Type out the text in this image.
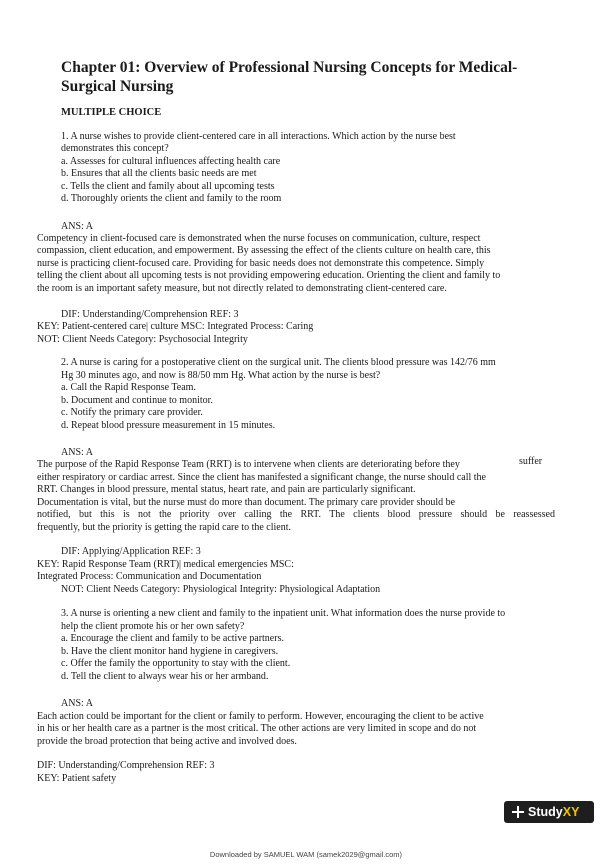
Chapter 01: Overview of Professional Nursing Concepts for Medical-
Surgical Nursing
MULTIPLE CHOICE
1. A nurse wishes to provide client-centered care in all interactions. Which action by the nurse best
demonstrates this concept?
a. Assesses for cultural influences affecting health care
b. Ensures that all the clients basic needs are met
c. Tells the client and family about all upcoming tests
d. Thoroughly orients the client and family to the room
ANS: A
Competency in client-focused care is demonstrated when the nurse focuses on communication, culture, respect
compassion, client education, and empowerment. By assessing the effect of the clients culture on health care, this
nurse is practicing client-focused care. Providing for basic needs does not demonstrate this competence. Simply
telling the client about all upcoming tests is not providing empowering education. Orienting the client and family to
the room is an important safety measure, but not directly related to demonstrating client-centered care.
DIF: Understanding/Comprehension REF: 3
KEY: Patient-centered care| culture MSC: Integrated Process: Caring
NOT: Client Needs Category: Psychosocial Integrity
2. A nurse is caring for a postoperative client on the surgical unit. The clients blood pressure was 142/76 mm
Hg 30 minutes ago, and now is 88/50 mm Hg. What action by the nurse is best?
a. Call the Rapid Response Team.
b. Document and continue to monitor.
c. Notify the primary care provider.
d. Repeat blood pressure measurement in 15 minutes.
ANS: A
The purpose of the Rapid Response Team (RRT) is to intervene when clients are deteriorating before they	suffer
either respiratory or cardiac arrest. Since the client has manifested a significant change, the nurse should call the
RRT. Changes in blood pressure, mental status, heart rate, and pain are particularly significant.
Documentation is vital, but the nurse must do more than document. The primary care provider should be
notified, but this is not the priority over calling the RRT. The clients blood pressure should be reassessed
frequently, but the priority is getting the rapid care to the client.
DIF: Applying/Application REF: 3
KEY: Rapid Response Team (RRT)| medical emergencies MSC:
Integrated Process: Communication and Documentation
NOT: Client Needs Category: Physiological Integrity: Physiological Adaptation
3. A nurse is orienting a new client and family to the inpatient unit. What information does the nurse provide to
help the client promote his or her own safety?
a. Encourage the client and family to be active partners.
b. Have the client monitor hand hygiene in caregivers.
c. Offer the family the opportunity to stay with the client.
d. Tell the client to always wear his or her armband.
ANS: A
Each action could be important for the client or family to perform. However, encouraging the client to be active
in his or her health care as a partner is the most critical. The other actions are very limited in scope and do not
provide the broad protection that being active and involved does.
DIF: Understanding/Comprehension REF: 3
KEY: Patient safety
Study XY
Downloaded by SAMUEL WAM (samek2029@gmail.com)
